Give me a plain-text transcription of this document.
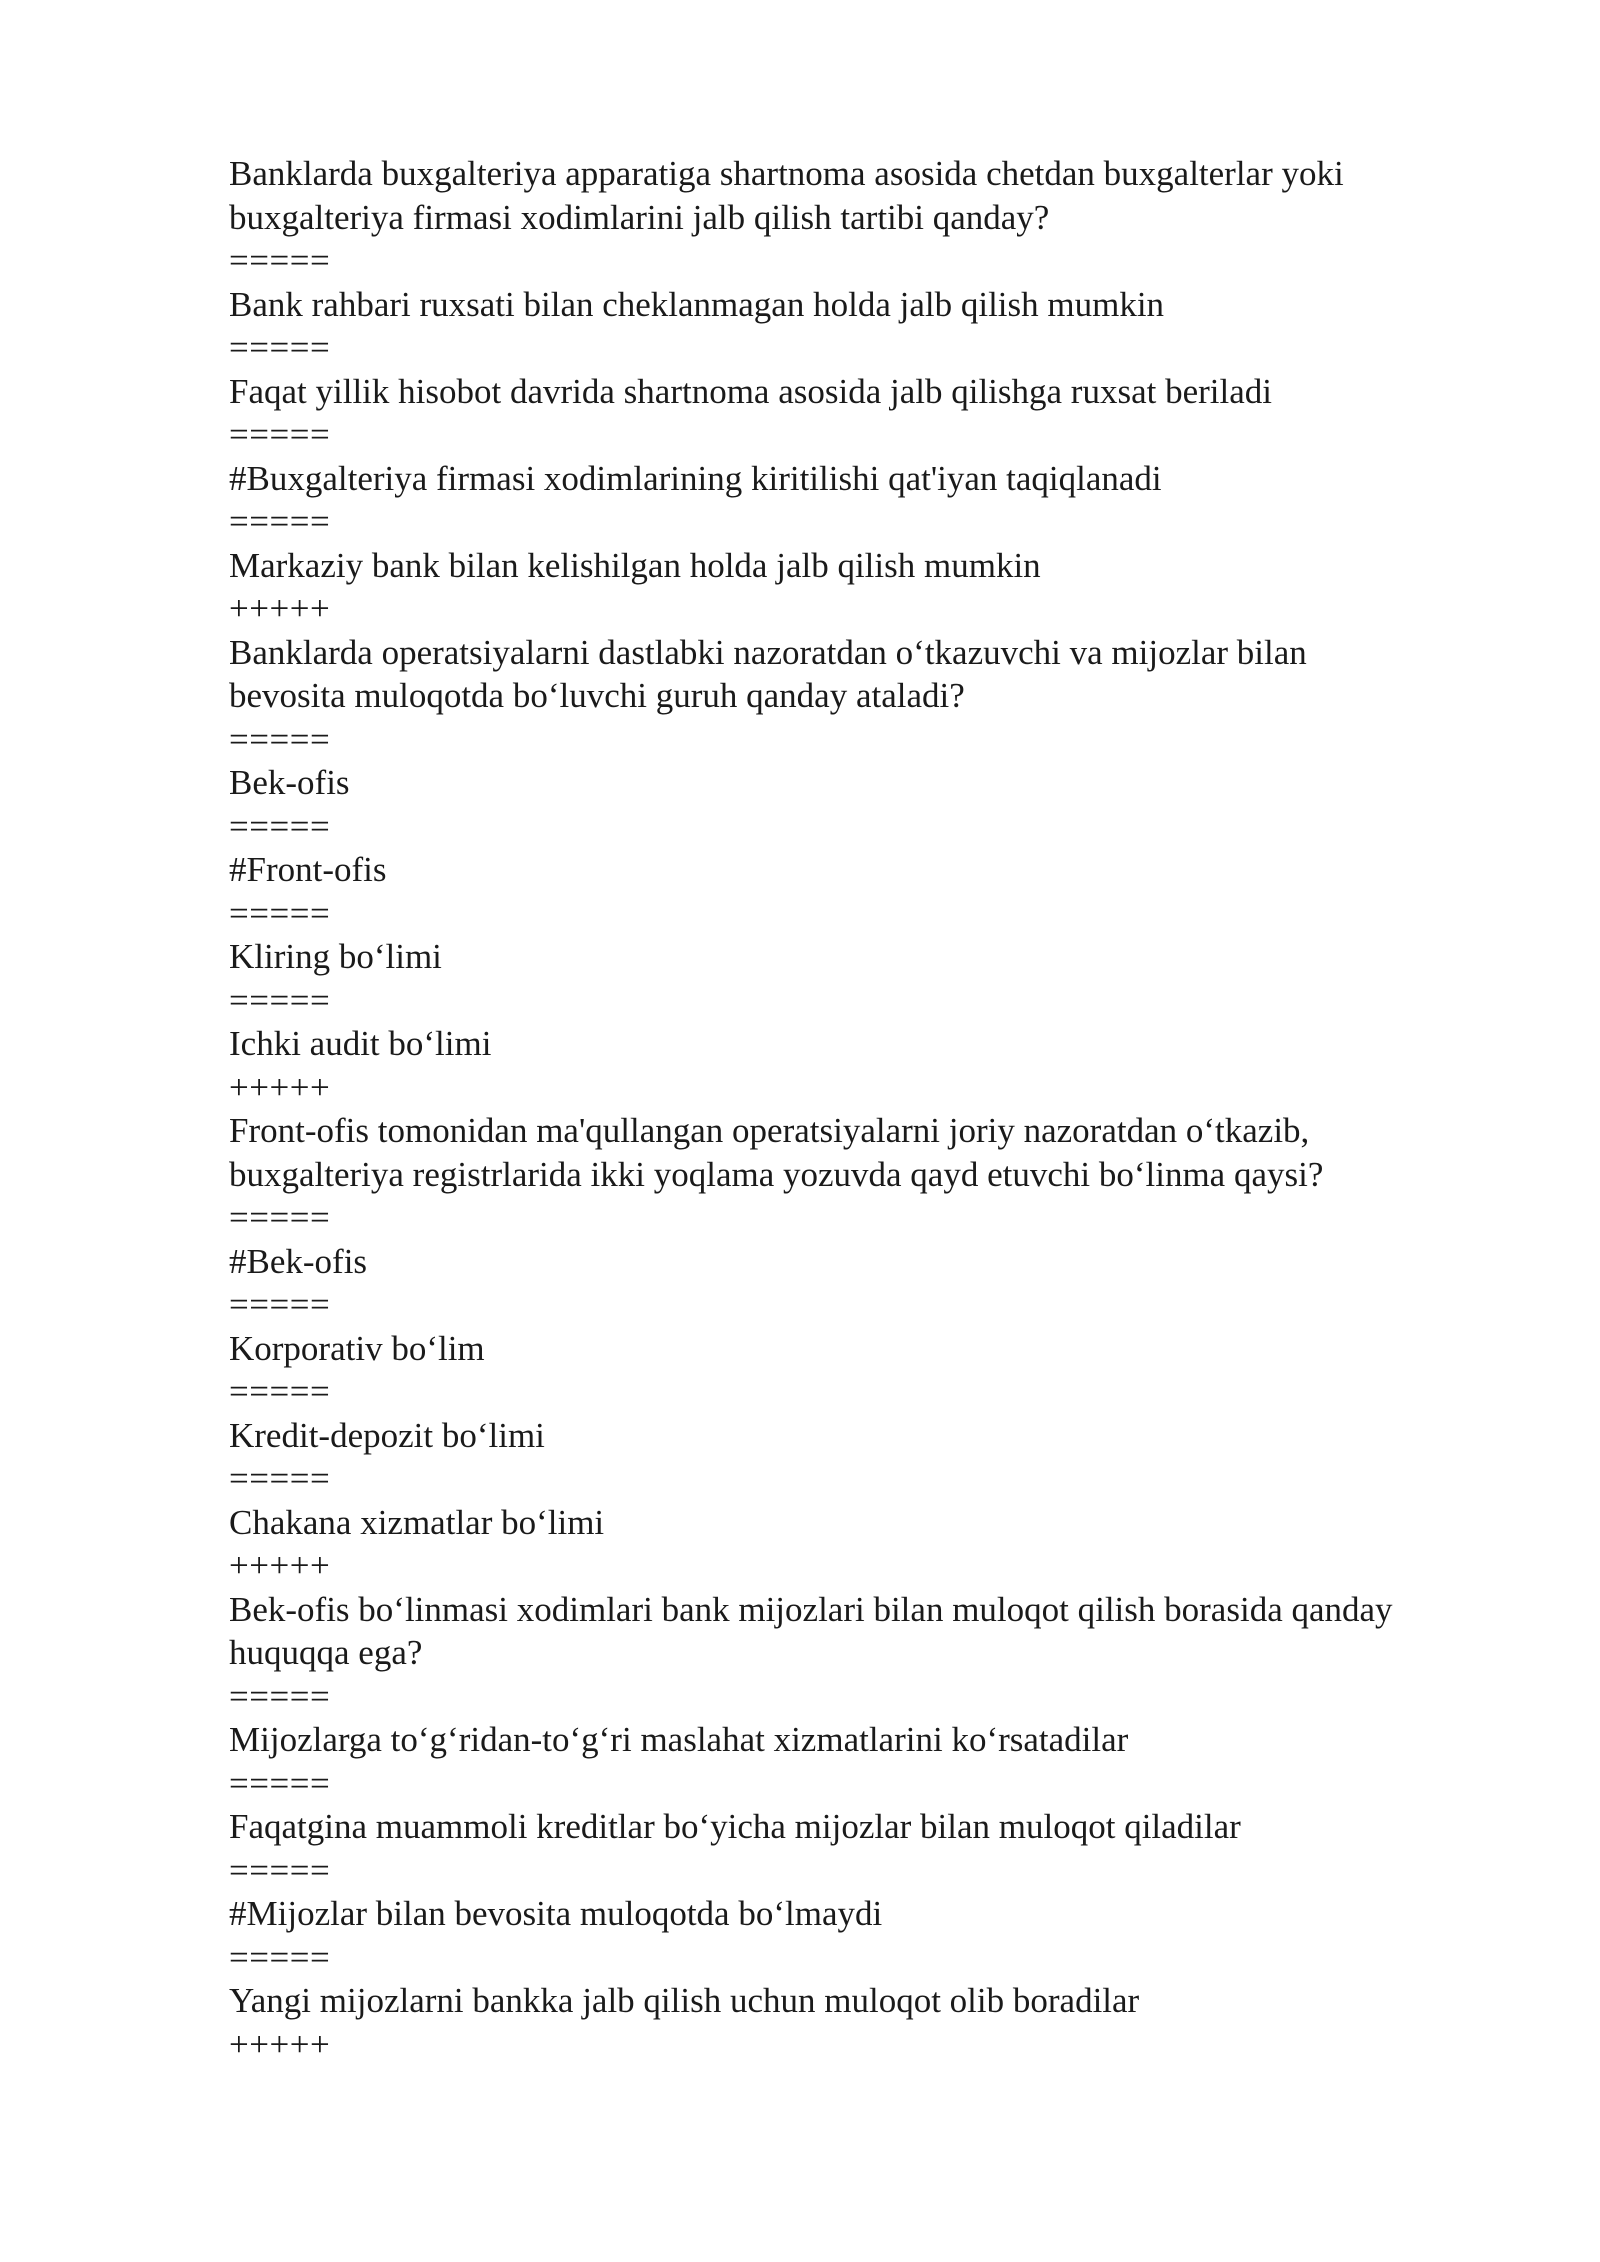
Banklarda buxgalteriya apparatiga shartnoma asosida chetdan buxgalterlar yoki
buxgalteriya firmasi xodimlarini jalb qilish tartibi qanday?
=====
Bank rahbari ruxsati bilan cheklanmagan holda jalb qilish mumkin
=====
Faqat yillik hisobot davrida shartnoma asosida jalb qilishga ruxsat beriladi
=====
#Buxgalteriya firmasi xodimlarining kiritilishi qat'iyan taqiqlanadi
=====
Markaziy bank bilan kelishilgan holda jalb qilish mumkin
+++++
Banklarda operatsiyalarni dastlabki nazoratdan o‘tkazuvchi va mijozlar bilan
bevosita muloqotda bo‘luvchi guruh qanday ataladi?
=====
Bek-ofis
=====
#Front-ofis
=====
Kliring bo‘limi
=====
Ichki audit bo‘limi
+++++
Front-ofis tomonidan ma'qullangan operatsiyalarni joriy nazoratdan o‘tkazib,
buxgalteriya registrlarida ikki yoqlama yozuvda qayd etuvchi bo‘linma qaysi?
=====
#Bek-ofis
=====
Korporativ bo‘lim
=====
Kredit-depozit bo‘limi
=====
Chakana xizmatlar bo‘limi
+++++
Bek-ofis bo‘linmasi xodimlari bank mijozlari bilan muloqot qilish borasida qanday
huquqqa ega?
=====
Mijozlarga to‘g‘ridan-to‘g‘ri maslahat xizmatlarini ko‘rsatadilar
=====
Faqatgina muammoli kreditlar bo‘yicha mijozlar bilan muloqot qiladilar
=====
#Mijozlar bilan bevosita muloqotda bo‘lmaydi
=====
Yangi mijozlarni bankka jalb qilish uchun muloqot olib boradilar
+++++
